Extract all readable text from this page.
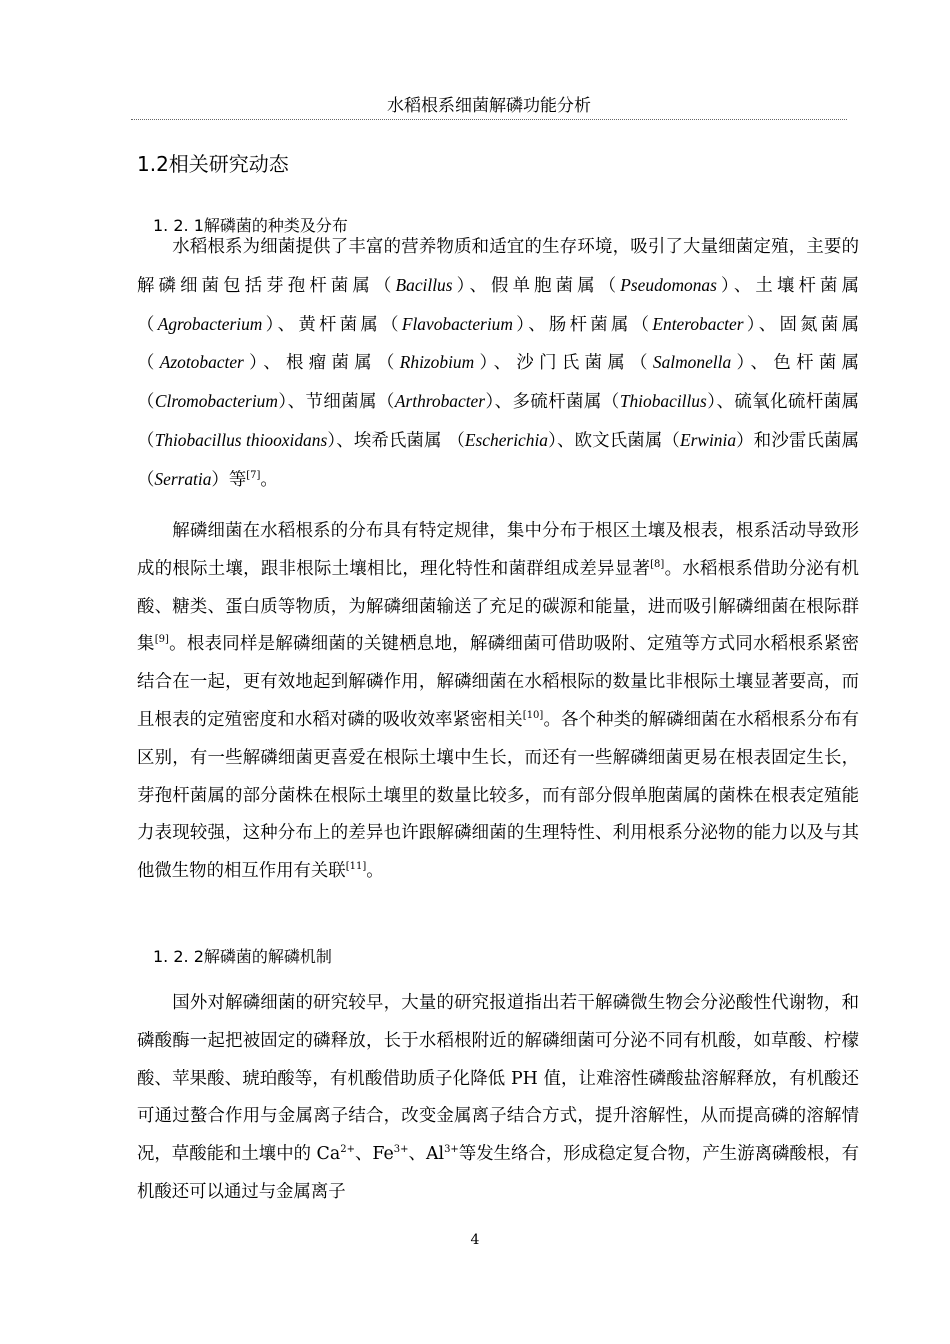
水稻根系细菌解磷功能分析
1.2相关研究动态
1. 2. 1解磷菌的种类及分布

水稻根系为细菌提供了丰富的营养物质和适宜的生存环境，吸引了大量细菌定殖，主要的解磷细菌包括芽孢杆菌属（Bacillus）、假单胞菌属（Pseudomonas）、土壤杆菌属（Agrobacterium）、黄杆菌属（Flavobacterium）、肠杆菌属（Enterobacter）、固氮菌属（Azotobacter）、根瘤菌属（Rhizobium）、沙门氏菌属（Salmonella）、色杆菌属（Clromobacterium）、节细菌属（Arthrobacter）、多硫杆菌属（Thiobacillus）、硫氧化硫杆菌属（Thiobacillus thiooxidans）、埃希氏菌属 （Escherichia）、欧文氏菌属（Erwinia）和沙雷氏菌属（Serratia）等[7]。

解磷细菌在水稻根系的分布具有特定规律，集中分布于根区土壤及根表，根系活动导致形成的根际土壤，跟非根际土壤相比，理化特性和菌群组成差异显著[8]。水稻根系借助分泌有机酸、糖类、蛋白质等物质，为解磷细菌输送了充足的碳源和能量，进而吸引解磷细菌在根际群集[9]。根表同样是解磷细菌的关键栖息地，解磷细菌可借助吸附、定殖等方式同水稻根系紧密结合在一起，更有效地起到解磷作用，解磷细菌在水稻根际的数量比非根际土壤显著要高，而且根表的定殖密度和水稻对磷的吸收效率紧密相关[10]。各个种类的解磷细菌在水稻根系分布有区别，有一些解磷细菌更喜爱在根际土壤中生长，而还有一些解磷细菌更易在根表固定生长，芽孢杆菌属的部分菌株在根际土壤里的数量比较多，而有部分假单胞菌属的菌株在根表定殖能力表现较强，这种分布上的差异也许跟解磷细菌的生理特性、利用根系分泌物的能力以及与其他微生物的相互作用有关联[11]。

1. 2. 2解磷菌的解磷机制

国外对解磷细菌的研究较早，大量的研究报道指出若干解磷微生物会分泌酸性代谢物，和磷酸酶一起把被固定的磷释放，长于水稻根附近的解磷细菌可分泌不同有机酸，如草酸、柠檬酸、苹果酸、琥珀酸等，有机酸借助质子化降低 PH 值，让难溶性磷酸盐溶解释放，有机酸还可通过螯合作用与金属离子结合，改变金属离子结合方式，提升溶解性，从而提高磷的溶解情况，草酸能和土壤中的 $Ca^{2+}$、$Fe^{3+}$、$Al^{3+}$等发生络合，形成稳定复合物，产生游离磷酸根，有机酸还可以通过与金属离子

4
